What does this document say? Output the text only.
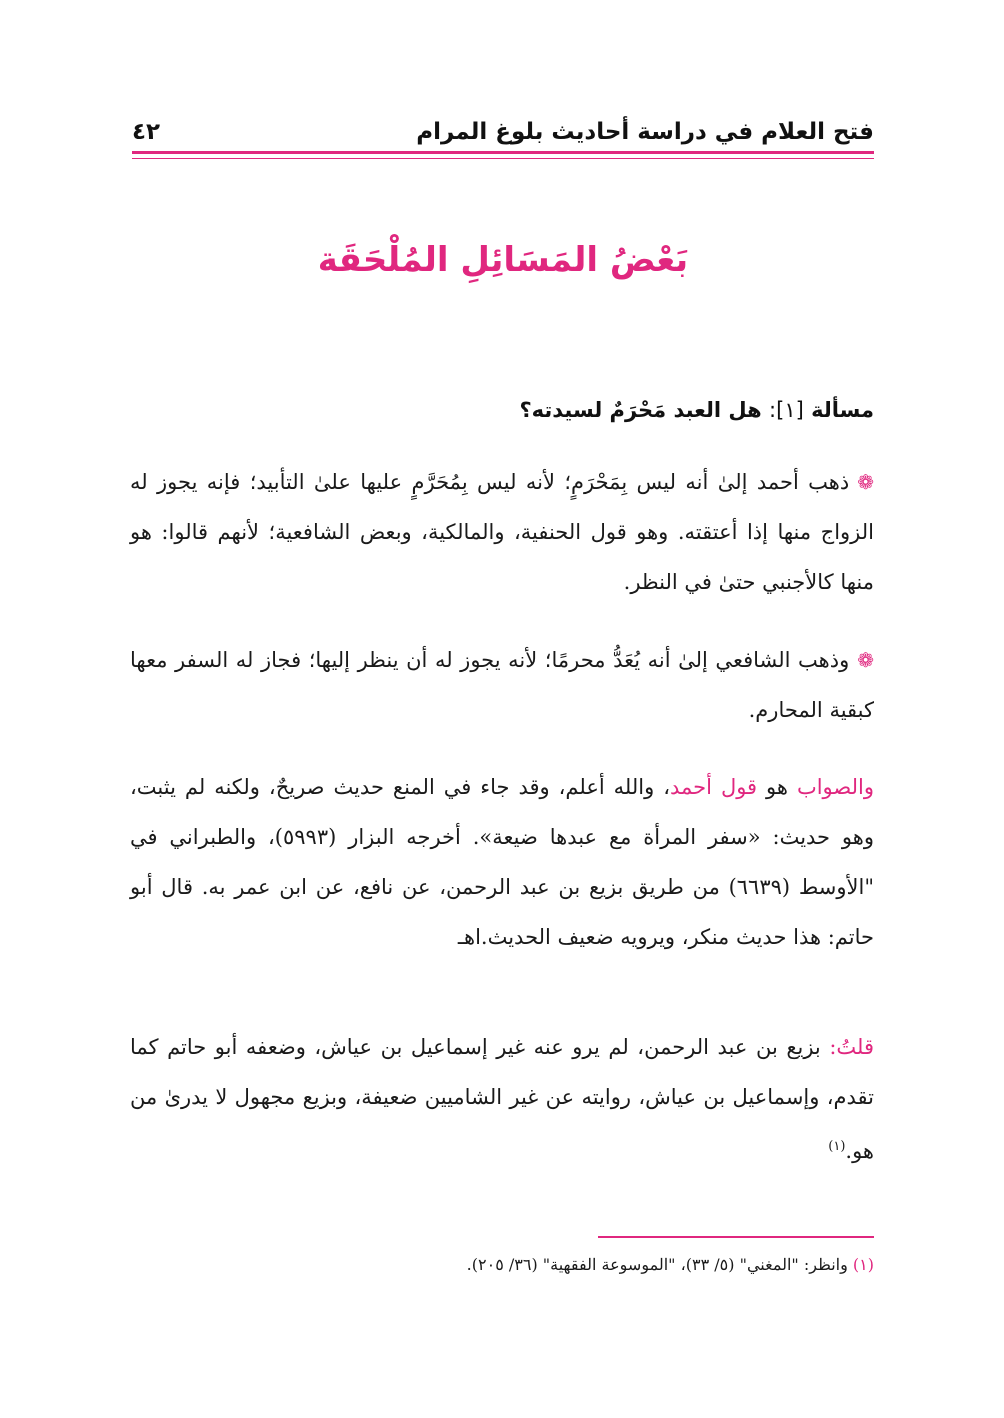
فتح العلام في دراسة أحاديث بلوغ المرام
٤٢
بَعْضُ المَسَائِلِ المُلْحَقَة
مسألة [١]: هل العبد مَحْرَمٌ لسيدته؟
❁ذهب أحمد إلىٰ أنه ليس بِمَحْرَمٍ؛ لأنه ليس بِمُحَرَّمٍ عليها علىٰ التأبيد؛ فإنه يجوز له الزواج منها إذا أعتقته. وهو قول الحنفية، والمالكية، وبعض الشافعية؛ لأنهم قالوا: هو منها كالأجنبي حتىٰ في النظر.
❁وذهب الشافعي إلىٰ أنه يُعَدُّ محرمًا؛ لأنه يجوز له أن ينظر إليها؛ فجاز له السفر معها كبقية المحارم.
والصواب هو قول أحمد، والله أعلم، وقد جاء في المنع حديث صريحٌ، ولكنه لم يثبت، وهو حديث: «سفر المرأة مع عبدها ضيعة». أخرجه البزار (٥٩٩٣)، والطبراني في "الأوسط (٦٦٣٩) من طريق بزيع بن عبد الرحمن، عن نافع، عن ابن عمر به. قال أبو حاتم: هذا حديث منكر، ويرويه ضعيف الحديث.اهـ
قلتُ: بزيع بن عبد الرحمن، لم يرو عنه غير إسماعيل بن عياش، وضعفه أبو حاتم كما تقدم، وإسماعيل بن عياش، روايته عن غير الشاميين ضعيفة، وبزيع مجهول لا يدرىٰ من هو.$^{(١)}$
(١) وانظر: "المغني" (٥/ ٣٣)، "الموسوعة الفقهية" (٣٦/ ٢٠٥).
